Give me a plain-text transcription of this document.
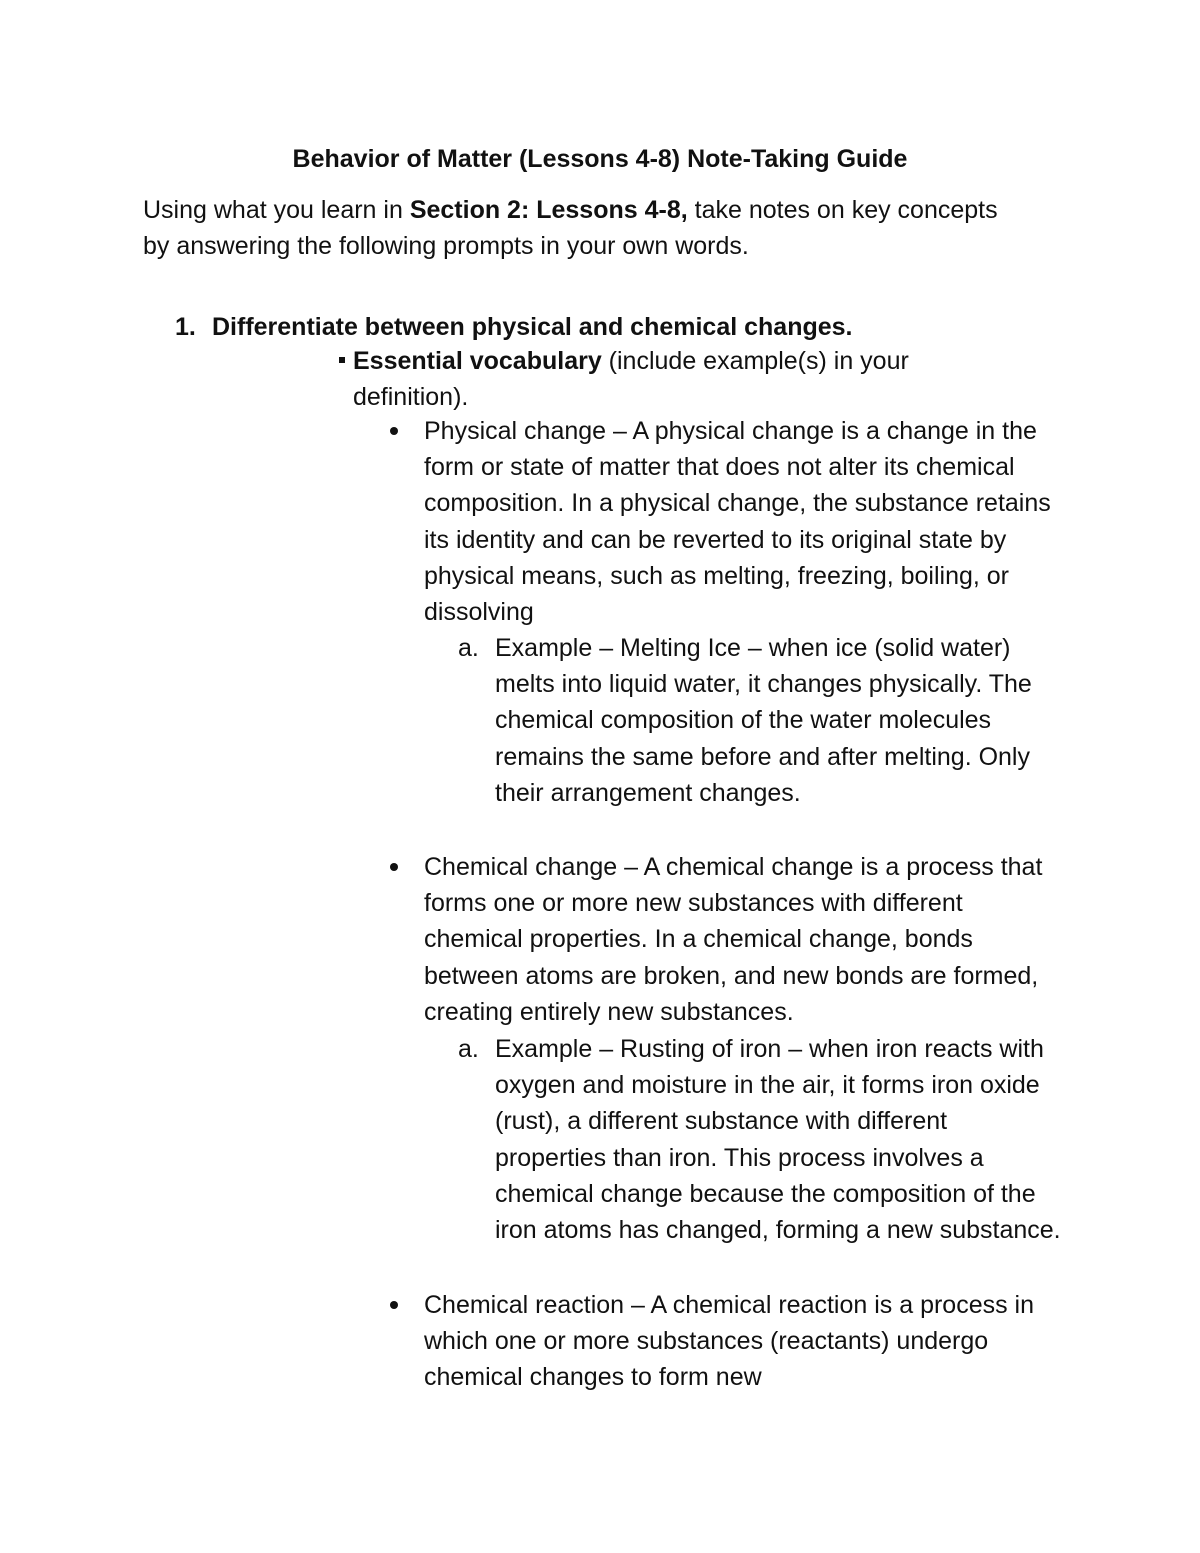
Behavior of Matter (Lessons 4-8) Note-Taking Guide
Using what you learn in Section 2: Lessons 4-8, take notes on key concepts by answering the following prompts in your own words.
1. Differentiate between physical and chemical changes.
Essential vocabulary (include example(s) in your definition).
Physical change – A physical change is a change in the form or state of matter that does not alter its chemical composition. In a physical change, the substance retains its identity and can be reverted to its original state by physical means, such as melting, freezing, boiling, or dissolving
a. Example – Melting Ice – when ice (solid water) melts into liquid water, it changes physically. The chemical composition of the water molecules remains the same before and after melting. Only their arrangement changes.
Chemical change – A chemical change is a process that forms one or more new substances with different chemical properties. In a chemical change, bonds between atoms are broken, and new bonds are formed, creating entirely new substances.
a. Example – Rusting of iron – when iron reacts with oxygen and moisture in the air, it forms iron oxide (rust), a different substance with different properties than iron. This process involves a chemical change because the composition of the iron atoms has changed, forming a new substance.
Chemical reaction – A chemical reaction is a process in which one or more substances (reactants) undergo chemical changes to form new
